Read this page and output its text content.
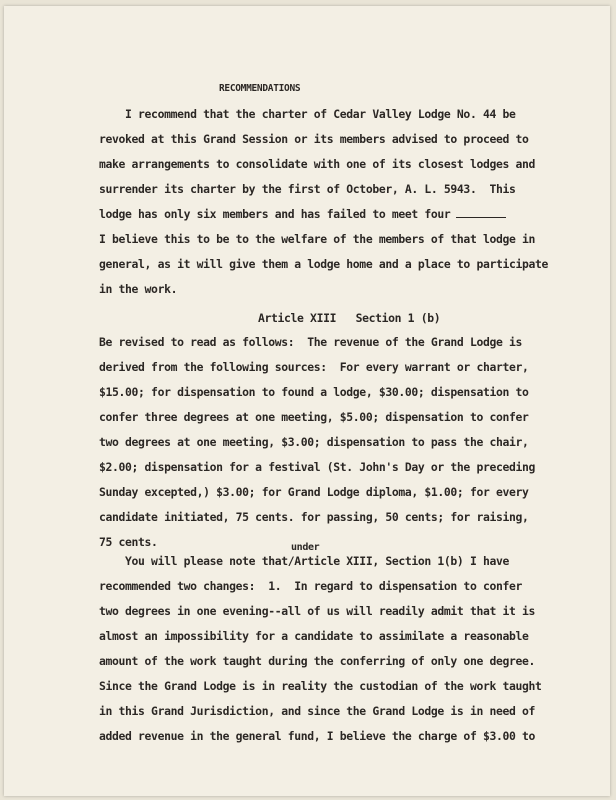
RECOMMENDATIONS
I recommend that the charter of Cedar Valley Lodge No. 44 be
revoked at this Grand Session or its members advised to proceed to
make arrangements to consolidate with one of its closest lodges and
surrender its charter by the first of October, A. L. 5943.  This
lodge has only six members and has failed to meet four
I believe this to be to the welfare of the members of that lodge in
general, as it will give them a lodge home and a place to participate
in the work.
Article XIII   Section 1 (b)
Be revised to read as follows:  The revenue of the Grand Lodge is
derived from the following sources:  For every warrant or charter,
$15.00; for dispensation to found a lodge, $30.00; dispensation to
confer three degrees at one meeting, $5.00; dispensation to confer
two degrees at one meeting, $3.00; dispensation to pass the chair,
$2.00; dispensation for a festival (St. John's Day or the preceding
Sunday excepted,) $3.00; for Grand Lodge diploma, $1.00; for every
candidate initiated, 75 cents. for passing, 50 cents; for raising,
75 cents.	under
You will please note that/Article XIII, Section 1(b) I have
recommended two changes:  1.  In regard to dispensation to confer
two degrees in one evening--all of us will readily admit that it is
almost an impossibility for a candidate to assimilate a reasonable
amount of the work taught during the conferring of only one degree.
Since the Grand Lodge is in reality the custodian of the work taught
in this Grand Jurisdiction, and since the Grand Lodge is in need of
added revenue in the general fund, I believe the charge of $3.00 to
